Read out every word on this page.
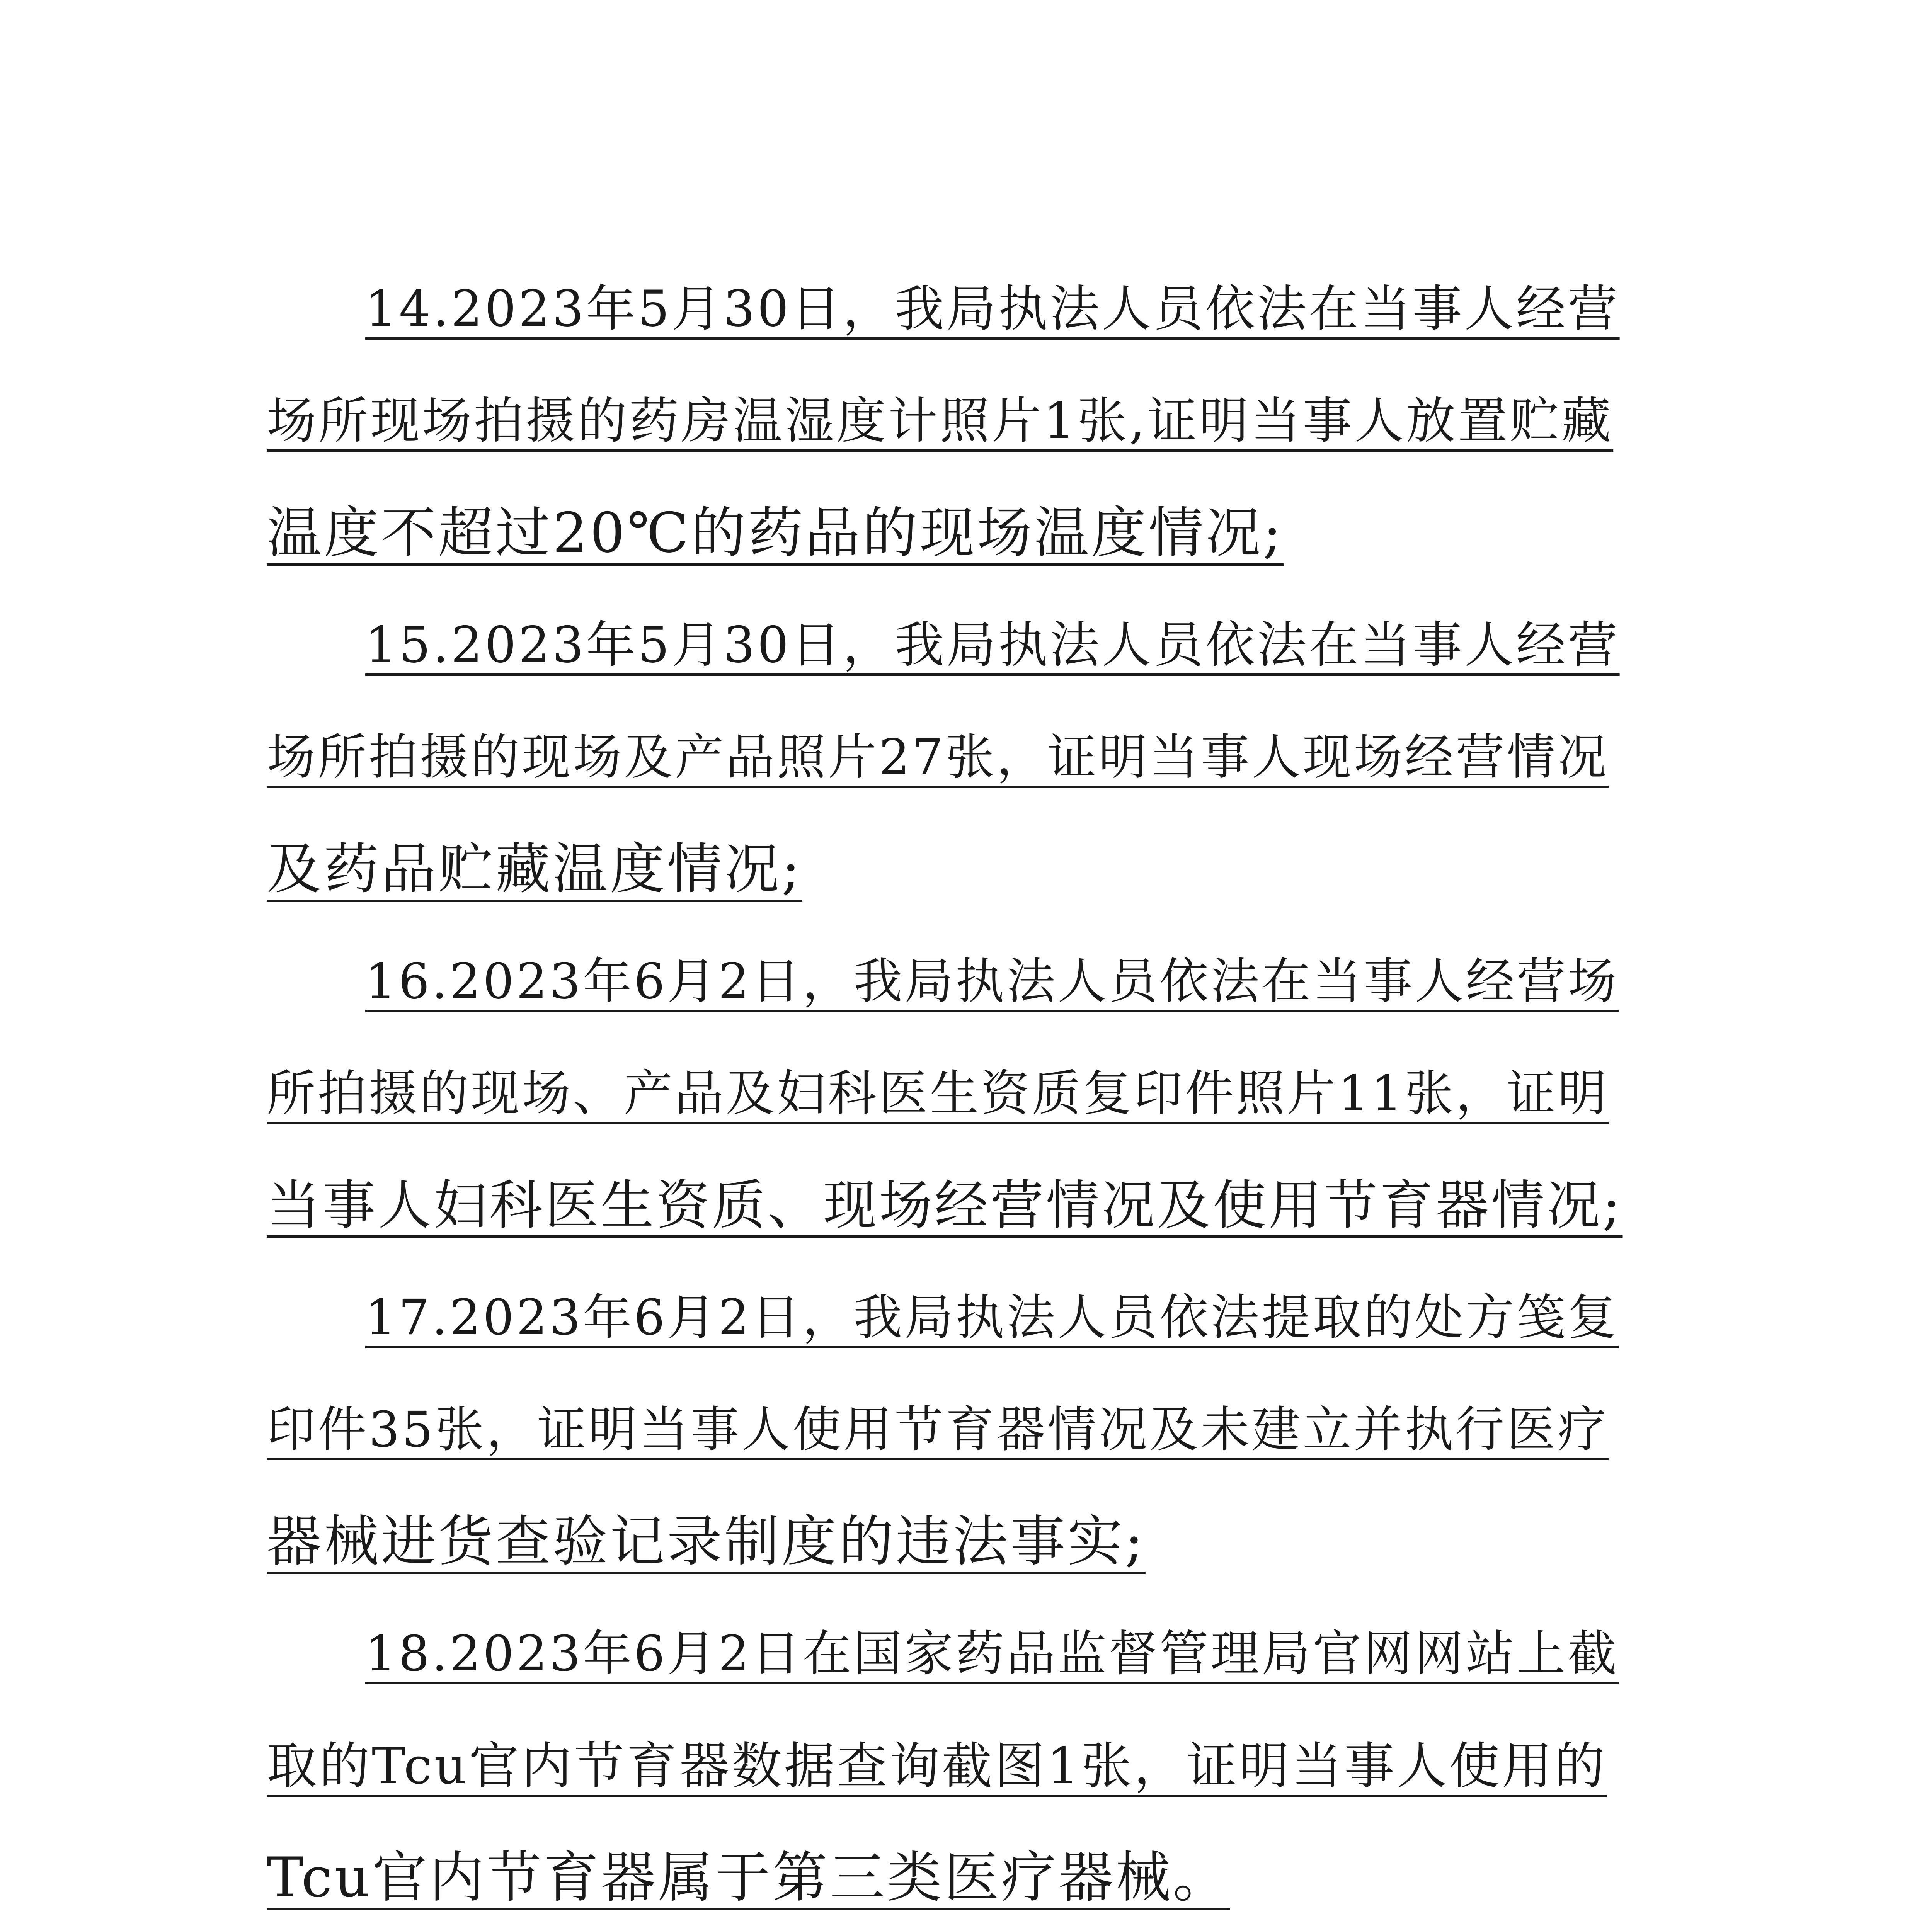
14.2023年5月30日，我局执法人员依法在当事人经营
场所现场拍摄的药房温湿度计照片1张,证明当事人放置贮藏
温度不超过20℃的药品的现场温度情况;
15.2023年5月30日，我局执法人员依法在当事人经营
场所拍摄的现场及产品照片27张，证明当事人现场经营情况
及药品贮藏温度情况;
16.2023年6月2日，我局执法人员依法在当事人经营场
所拍摄的现场、产品及妇科医生资质复印件照片11张，证明
当事人妇科医生资质、现场经营情况及使用节育器情况;
17.2023年6月2日，我局执法人员依法提取的处方笺复
印件35张，证明当事人使用节育器情况及未建立并执行医疗
器械进货查验记录制度的违法事实;
18.2023年6月2日在国家药品监督管理局官网网站上截
取的Tcu官内节育器数据查询截图1张，证明当事人使用的
Tcu官内节育器属于第三类医疗器械。
